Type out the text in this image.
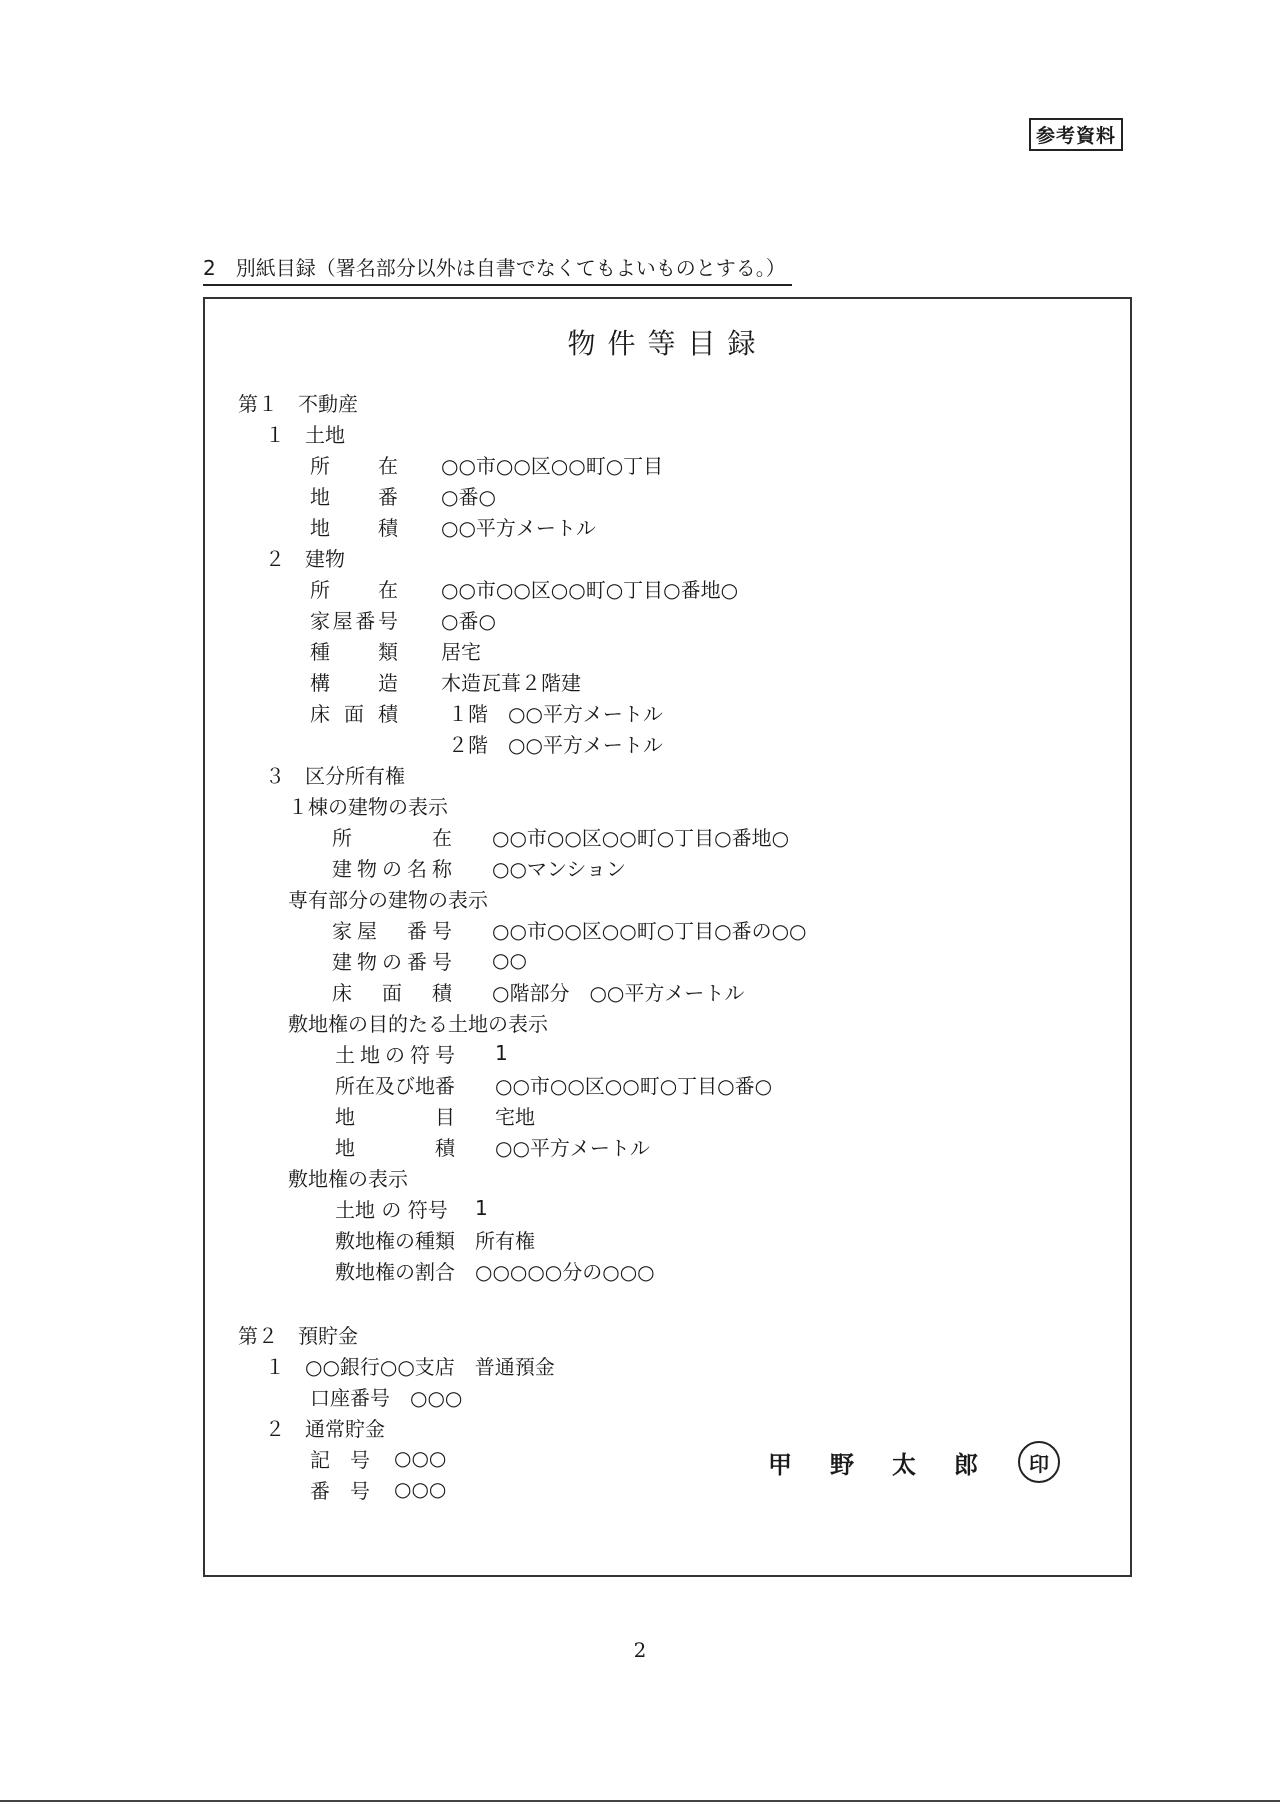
参考資料
2　別紙目録（署名部分以外は自書でなくてもよいものとする。）
物件等目録
第１　不動産
１　土地
所在 ○○市○○区○○町○丁目
地番 ○番○
地積 ○○平方メートル
２　建物
所在 ○○市○○区○○町○丁目○番地○
家屋番号 ○番○
種類 居宅
構造 木造瓦葺２階建
床面積	１階　○○平方メートル
２階　○○平方メートル
３　区分所有権
１棟の建物の表示
所在 ○○市○○区○○町○丁目○番地○
建物の名称 ○○マンション
専有部分の建物の表示
家屋　番号 ○○市○○区○○町○丁目○番の○○
建物の番号 ○○
床面積 ○階部分　○○平方メートル
敷地権の目的たる土地の表示
土地の符号 1
所在及び地番 ○○市○○区○○町○丁目○番○
地目 宅地
地積 ○○平方メートル
敷地権の表示
土地 の 符号	1
敷地権の種類 所有権
敷地権の割合 ○○○○○分の○○○
第２　預貯金
１　○○銀行○○支店　普通預金
口座番号　○○○
２　通常貯金
記号 ○○○
番号 ○○○
甲野太郎 印
2
